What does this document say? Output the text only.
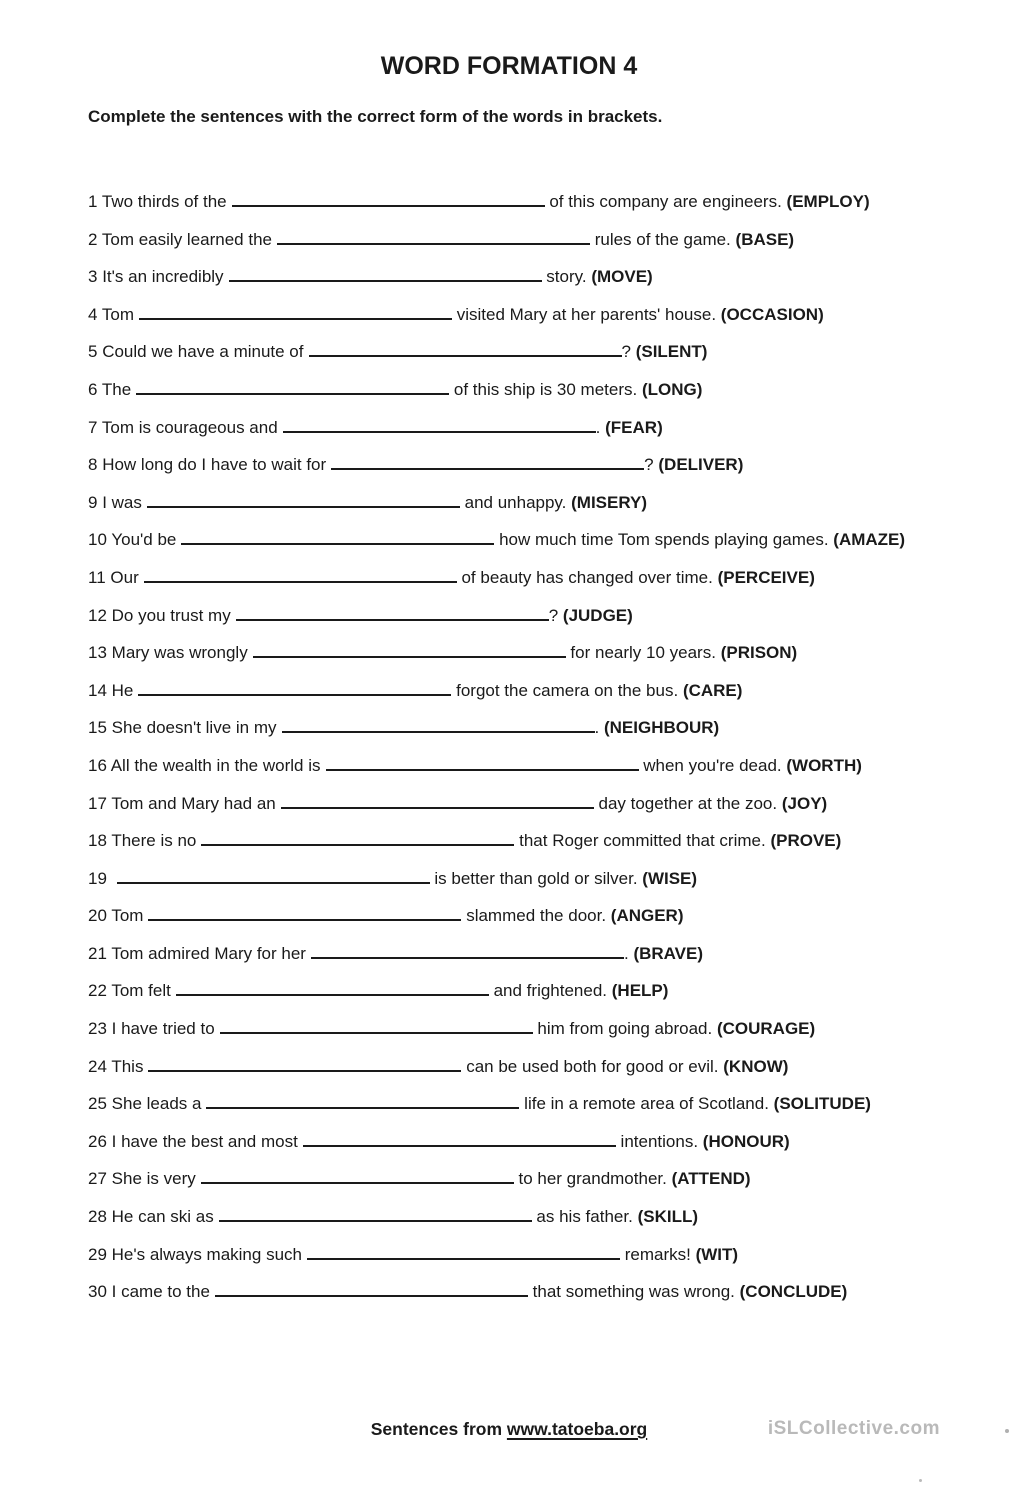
WORD FORMATION 4

Complete the sentences with the correct form of the words in brackets.

1 Two thirds of the	of this company are engineers. (EMPLOY)
2 Tom easily learned the	rules of the game. (BASE)
3 It's an incredibly	story. (MOVE)
4 Tom	visited Mary at her parents' house. (OCCASION)
5 Could we have a minute of	? (SILENT)
6 The	of this ship is 30 meters. (LONG)
7 Tom is courageous and	. (FEAR)
8 How long do I have to wait for	? (DELIVER)
9 I was	and unhappy. (MISERY)
10 You'd be	how much time Tom spends playing games. (AMAZE)
11 Our	of beauty has changed over time. (PERCEIVE)
12 Do you trust my	? (JUDGE)
13 Mary was wrongly	for nearly 10 years. (PRISON)
14 He	forgot the camera on the bus. (CARE)
15 She doesn't live in my	. (NEIGHBOUR)
16 All the wealth in the world is	when you're dead. (WORTH)
17 Tom and Mary had an	day together at the zoo. (JOY)
18 There is no	that Roger committed that crime. (PROVE)
19	is better than gold or silver. (WISE)
20 Tom	slammed the door. (ANGER)
21 Tom admired Mary for her	. (BRAVE)
22 Tom felt	and frightened. (HELP)
23 I have tried to	him from going abroad. (COURAGE)
24 This	can be used both for good or evil. (KNOW)
25 She leads a	life in a remote area of Scotland. (SOLITUDE)
26 I have the best and most	intentions. (HONOUR)
27 She is very	to her grandmother. (ATTEND)
28 He can ski as	as his father. (SKILL)
29 He's always making such	remarks! (WIT)
30 I came to the	that something was wrong. (CONCLUDE)
Sentences from www.tatoeba.org	iSLCollective.com
